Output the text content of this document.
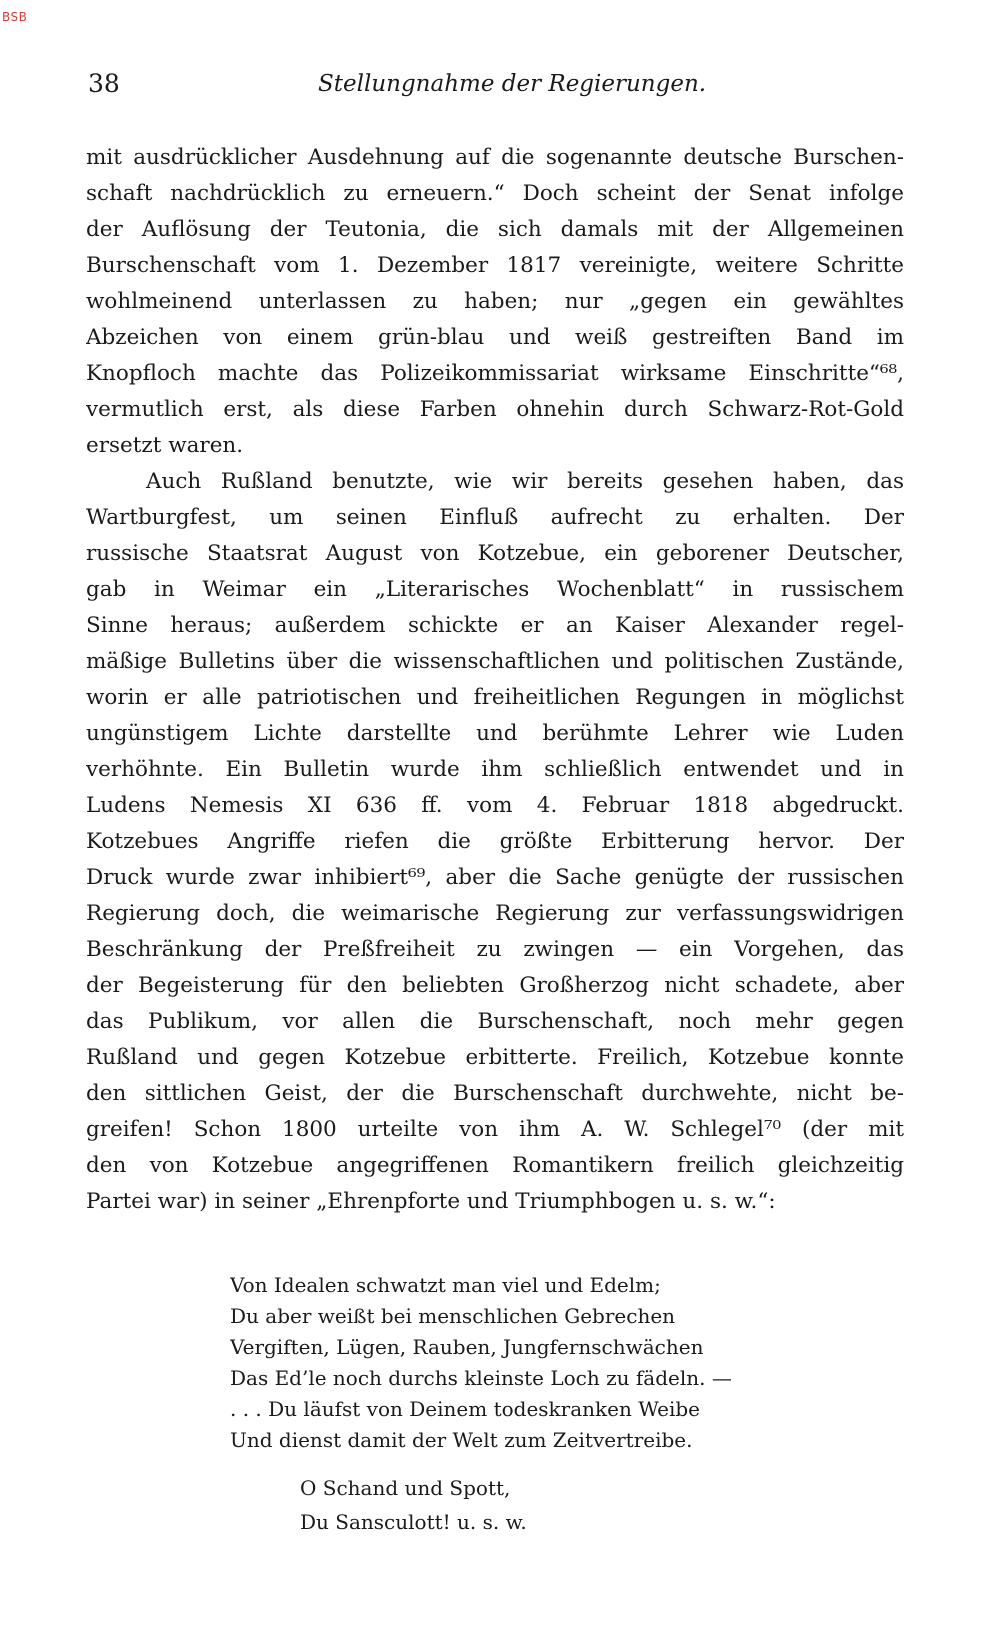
BSB
38	Stellungnahme der Regierungen.
mit ausdrücklicher Ausdehnung auf die sogenannte deutsche Burschen-
schaft nachdrücklich zu erneuern.“ Doch scheint der Senat infolge
der Auflösung der Teutonia, die sich damals mit der Allgemeinen
Burschenschaft vom 1. Dezember 1817 vereinigte, weitere Schritte
wohlmeinend unterlassen zu haben; nur „gegen ein gewähltes
Abzeichen von einem grün-blau und weiß gestreiften Band im
Knopfloch machte das Polizeikommissariat wirksame Einschritte“⁶⁸,
vermutlich erst, als diese Farben ohnehin durch Schwarz-Rot-Gold
ersetzt waren.
Auch Rußland benutzte, wie wir bereits gesehen haben, das
Wartburgfest, um seinen Einfluß aufrecht zu erhalten. Der
russische Staatsrat August von Kotzebue, ein geborener Deutscher,
gab in Weimar ein „Literarisches Wochenblatt“ in russischem
Sinne heraus; außerdem schickte er an Kaiser Alexander regel-
mäßige Bulletins über die wissenschaftlichen und politischen Zustände,
worin er alle patriotischen und freiheitlichen Regungen in möglichst
ungünstigem Lichte darstellte und berühmte Lehrer wie Luden
verhöhnte. Ein Bulletin wurde ihm schließlich entwendet und in
Ludens Nemesis XI 636 ff. vom 4. Februar 1818 abgedruckt.
Kotzebues Angriffe riefen die größte Erbitterung hervor. Der
Druck wurde zwar inhibiert⁶⁹, aber die Sache genügte der russischen
Regierung doch, die weimarische Regierung zur verfassungswidrigen
Beschränkung der Preßfreiheit zu zwingen — ein Vorgehen, das
der Begeisterung für den beliebten Großherzog nicht schadete, aber
das Publikum, vor allen die Burschenschaft, noch mehr gegen
Rußland und gegen Kotzebue erbitterte. Freilich, Kotzebue konnte
den sittlichen Geist, der die Burschenschaft durchwehte, nicht be-
greifen! Schon 1800 urteilte von ihm A. W. Schlegel⁷⁰ (der mit
den von Kotzebue angegriffenen Romantikern freilich gleichzeitig
Partei war) in seiner „Ehrenpforte und Triumphbogen u. s. w.“:
Von Idealen schwatzt man viel und Edelm;
Du aber weißt bei menschlichen Gebrechen
Vergiften, Lügen, Rauben, Jungfernschwächen
Das Ed’le noch durchs kleinste Loch zu fädeln. —
. . . Du läufst von Deinem todeskranken Weibe
Und dienst damit der Welt zum Zeitvertreibe.
O Schand und Spott,
Du Sansculott! u. s. w.
